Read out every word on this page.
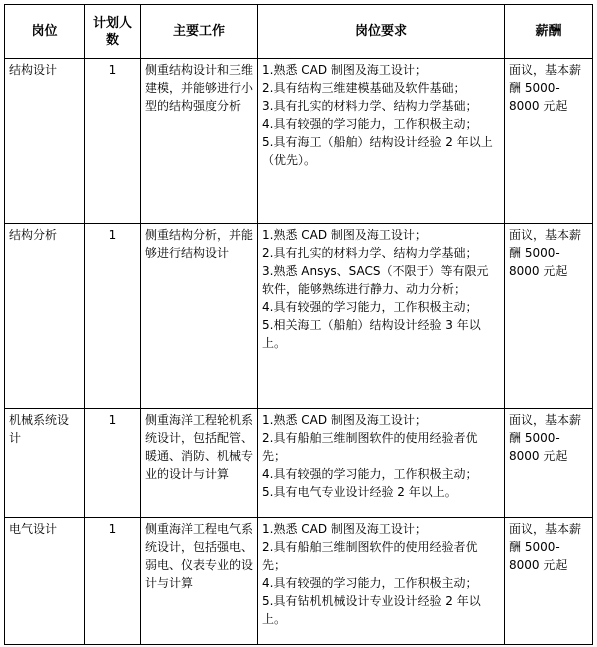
岗位	计划人数	主要工作	岗位要求	薪酬
结构设计	1	侧重结构设计和三维建模，并能够进行小型的结构强度分析	1.熟悉 CAD 制图及海工设计；
2.具有结构三维建模基础及软件基础；
3.具有扎实的材料力学、结构力学基础；
4.具有较强的学习能力，工作积极主动；
5.具有海工（船舶）结构设计经验 2 年以上（优先）。	面议，基本薪酬 5000-8000 元起
结构分析	1	侧重结构分析，并能够进行结构设计	1.熟悉 CAD 制图及海工设计；
2.具有扎实的材料力学、结构力学基础；
3.熟悉 Ansys、SACS（不限于）等有限元软件，能够熟练进行静力、动力分析；
4.具有较强的学习能力，工作积极主动；
5.相关海工（船舶）结构设计经验 3 年以上。	面议，基本薪酬 5000-8000 元起
机械系统设计	1	侧重海洋工程轮机系统设计，包括配管、暖通、消防、机械专业的设计与计算	1.熟悉 CAD 制图及海工设计；
2.具有船舶三维制图软件的使用经验者优先；
4.具有较强的学习能力，工作积极主动；
5.具有电气专业设计经验 2 年以上。	面议，基本薪酬 5000-8000 元起
电气设计	1	侧重海洋工程电气系统设计，包括强电、弱电、仪表专业的设计与计算	1.熟悉 CAD 制图及海工设计；
2.具有船舶三维制图软件的使用经验者优先；
4.具有较强的学习能力，工作积极主动；
5.具有钻机机械设计专业设计经验 2 年以上。	面议，基本薪酬 5000-8000 元起
